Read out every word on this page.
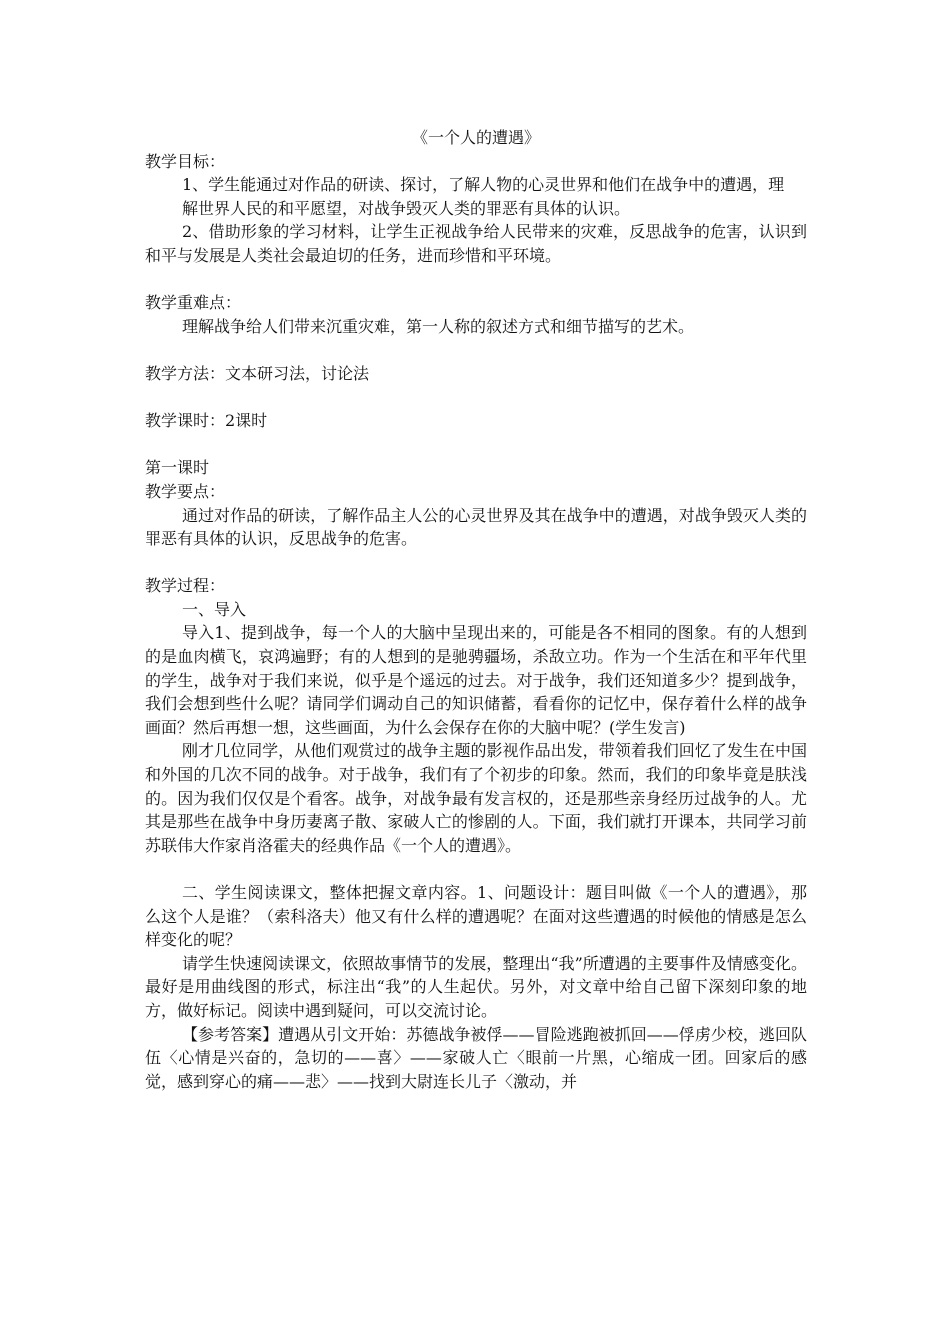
《一个人的遭遇》

教学目标：

1、学生能通过对作品的研读、探讨，了解人物的心灵世界和他们在战争中的遭遇，理

解世界人民的和平愿望，对战争毁灭人类的罪恶有具体的认识。

2、借助形象的学习材料，让学生正视战争给人民带来的灾难，反思战争的危害，认识到和平与发展是人类社会最迫切的任务，进而珍惜和平环境。

教学重难点：

理解战争给人们带来沉重灾难，第一人称的叙述方式和细节描写的艺术。

教学方法：文本研习法，讨论法

教学课时：2课时

第一课时

教学要点：

通过对作品的研读，了解作品主人公的心灵世界及其在战争中的遭遇，对战争毁灭人类的罪恶有具体的认识，反思战争的危害。

教学过程：

一、导入

导入1、提到战争，每一个人的大脑中呈现出来的，可能是各不相同的图象。有的人想到的是血肉横飞，哀鸿遍野；有的人想到的是驰骋疆场，杀敌立功。作为一个生活在和平年代里的学生，战争对于我们来说，似乎是个遥远的过去。对于战争，我们还知道多少？提到战争，我们会想到些什么呢？请同学们调动自己的知识储蓄，看看你的记忆中，保存着什么样的战争画面？然后再想一想，这些画面，为什么会保存在你的大脑中呢？(学生发言)

刚才几位同学，从他们观赏过的战争主题的影视作品出发，带领着我们回忆了发生在中国和外国的几次不同的战争。对于战争，我们有了个初步的印象。然而，我们的印象毕竟是肤浅的。因为我们仅仅是个看客。战争，对战争最有发言权的，还是那些亲身经历过战争的人。尤其是那些在战争中身历妻离子散、家破人亡的惨剧的人。下面，我们就打开课本，共同学习前苏联伟大作家肖洛霍夫的经典作品《一个人的遭遇》。

二、学生阅读课文，整体把握文章内容。1、问题设计：题目叫做《一个人的遭遇》，那么这个人是谁？（索科洛夫）他又有什么样的遭遇呢？在面对这些遭遇的时候他的情感是怎么样变化的呢？

请学生快速阅读课文，依照故事情节的发展，整理出“我”所遭遇的主要事件及情感变化。最好是用曲线图的形式，标注出“我”的人生起伏。另外，对文章中给自己留下深刻印象的地方，做好标记。阅读中遇到疑问，可以交流讨论。

【参考答案】遭遇从引文开始：苏德战争被俘——冒险逃跑被抓回——俘虏少校，逃回队伍〈心情是兴奋的，急切的——喜〉——家破人亡〈眼前一片黑，心缩成一团。回家后的感觉，感到穿心的痛——悲〉——找到大尉连长儿子〈激动，并
